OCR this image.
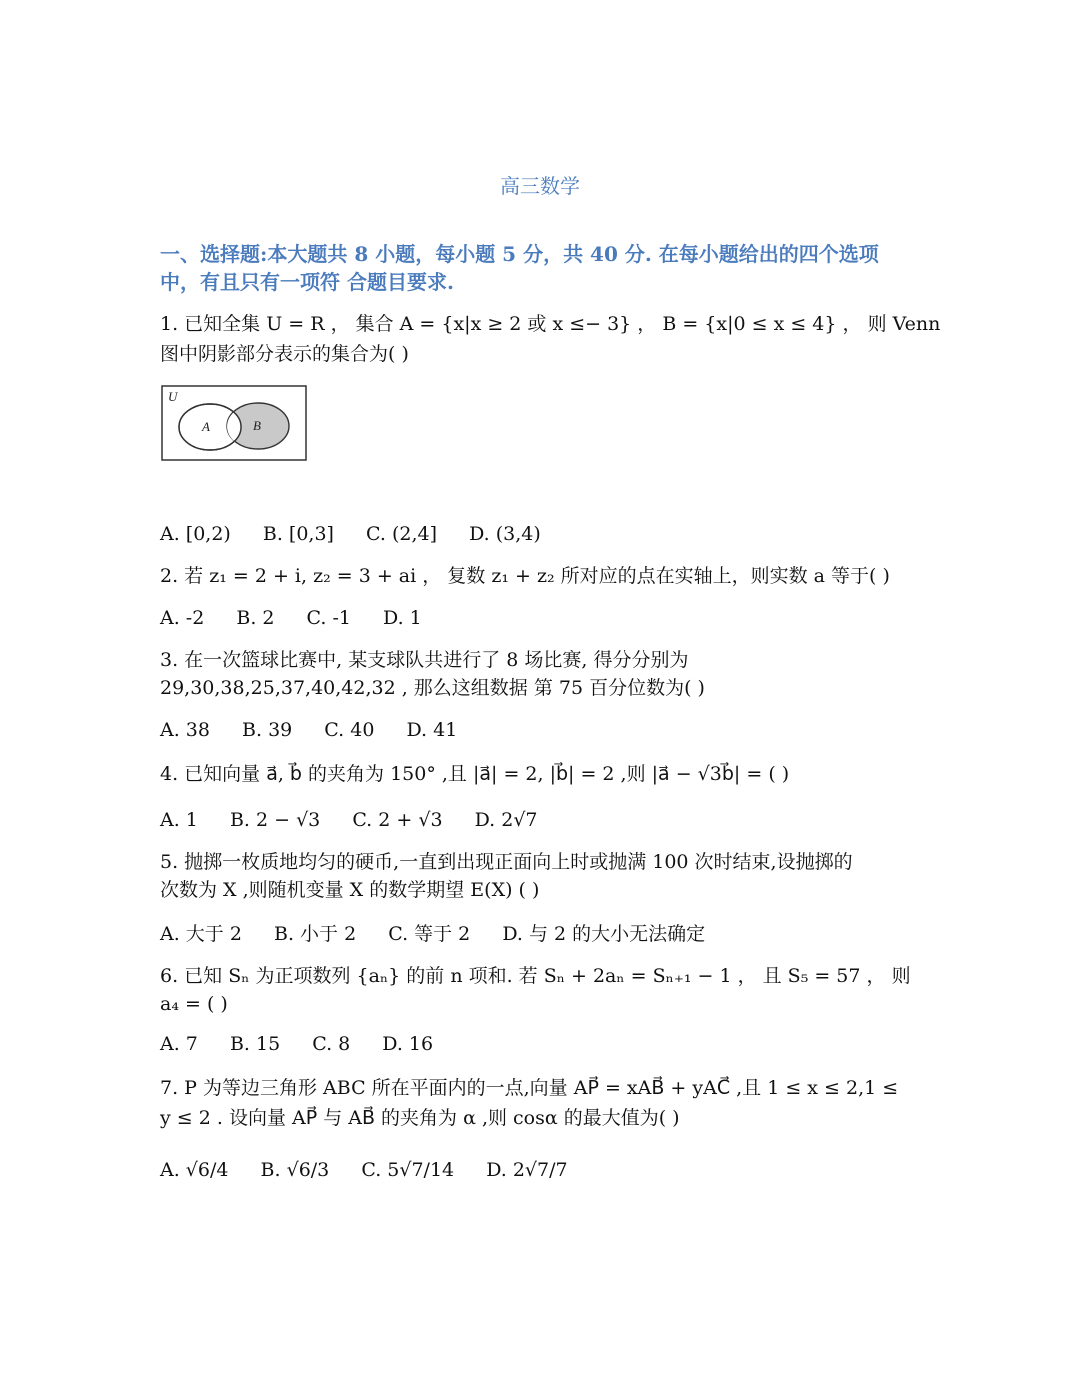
高三数学
一、选择题:本大题共 8 小题，每小题 5 分，共 40 分. 在每小题给出的四个选项
中，有且只有一项符 合题目要求.
1. 已知全集 U = R ， 集合 A = {x|x ≥ 2 或 x ≤− 3} ， B = {x|0 ≤ x ≤ 4} ， 则 Venn
图中阴影部分表示的集合为( )
U
A	B
A. [0,2) B. [0,3] C. (2,4] D. (3,4)
2. 若 z₁ = 2 + i, z₂ = 3 + ai ， 复数 z₁ + z₂ 所对应的点在实轴上，则实数 a 等于( )
A. -2 B. 2 C. -1 D. 1
3. 在一次篮球比赛中, 某支球队共进行了 8 场比赛, 得分分别为
29,30,38,25,37,40,42,32 , 那么这组数据 第 75 百分位数为( )
A. 38 B. 39 C. 40 D. 41
4. 已知向量 a⃗, b⃗ 的夹角为 150° ,且 |a⃗| = 2, |b⃗| = 2 ,则 |a⃗ − √3b⃗| = ( )
A. 1 B. 2 − √3 C. 2 + √3 D. 2√7
5. 抛掷一枚质地均匀的硬币,一直到出现正面向上时或抛满 100 次时结束,设抛掷的
次数为 X ,则随机变量 X 的数学期望 E(X) ( )
A. 大于 2 B. 小于 2 C. 等于 2 D. 与 2 的大小无法确定
6. 已知 Sₙ 为正项数列 {aₙ} 的前 n 项和. 若 Sₙ + 2aₙ = Sₙ₊₁ − 1 ， 且 S₅ = 57 ， 则
a₄ = ( )
A. 7 B. 15 C. 8 D. 16
7. P 为等边三角形 ABC 所在平面内的一点,向量 AP⃗ = xAB⃗ + yAC⃗ ,且 1 ≤ x ≤ 2,1 ≤
y ≤ 2 . 设向量 AP⃗ 与 AB⃗ 的夹角为 α ,则 cosα 的最大值为( )
A. √6/4 B. √6/3 C. 5√7/14 D. 2√7/7
